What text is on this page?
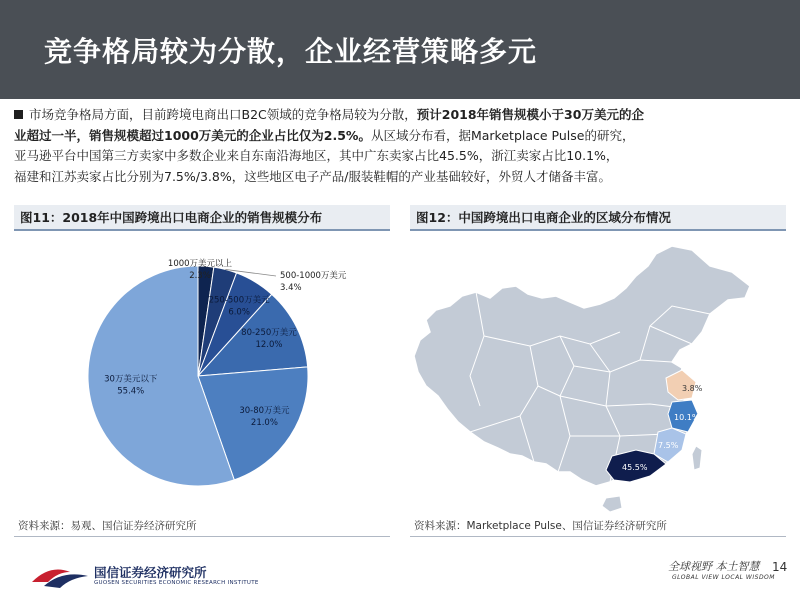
竞争格局较为分散，企业经营策略多元
市场竞争格局方面，目前跨境电商出口B2C领域的竞争格局较为分散，预计2018年销售规模小于30万美元的企
业超过一半，销售规模超过1000万美元的企业占比仅为2.5%。从区域分布看，据Marketplace Pulse的研究，
亚马逊平台中国第三方卖家中多数企业来自东南沿海地区，其中广东卖家占比45.5%，浙江卖家占比10.1%，
福建和江苏卖家占比分别为7.5%/3.8%，这些地区电子产品/服装鞋帽的产业基础较好，外贸人才储备丰富。
图11：2018年中国跨境出口电商企业的销售规模分布	图12：中国跨境出口电商企业的区域分布情况
1000万美元以上
2.3%	500-1000万美元
3.4%
250-500万美元
6.0%
80-250万美元
12.0%
30-80万美元
21.0%
30万美元以下
55.4%	3.8%
10.1%
7.5%
45.5%
资料来源：易观、国信证券经济研究所	资料来源：Marketplace Pulse、国信证券经济研究所
国信证券经济研究所
GUOSEN SECURITIES ECONOMIC RESEARCH INSTITUTE
全球视野 本土智慧
GLOBAL VIEW LOCAL WISDOM
14
